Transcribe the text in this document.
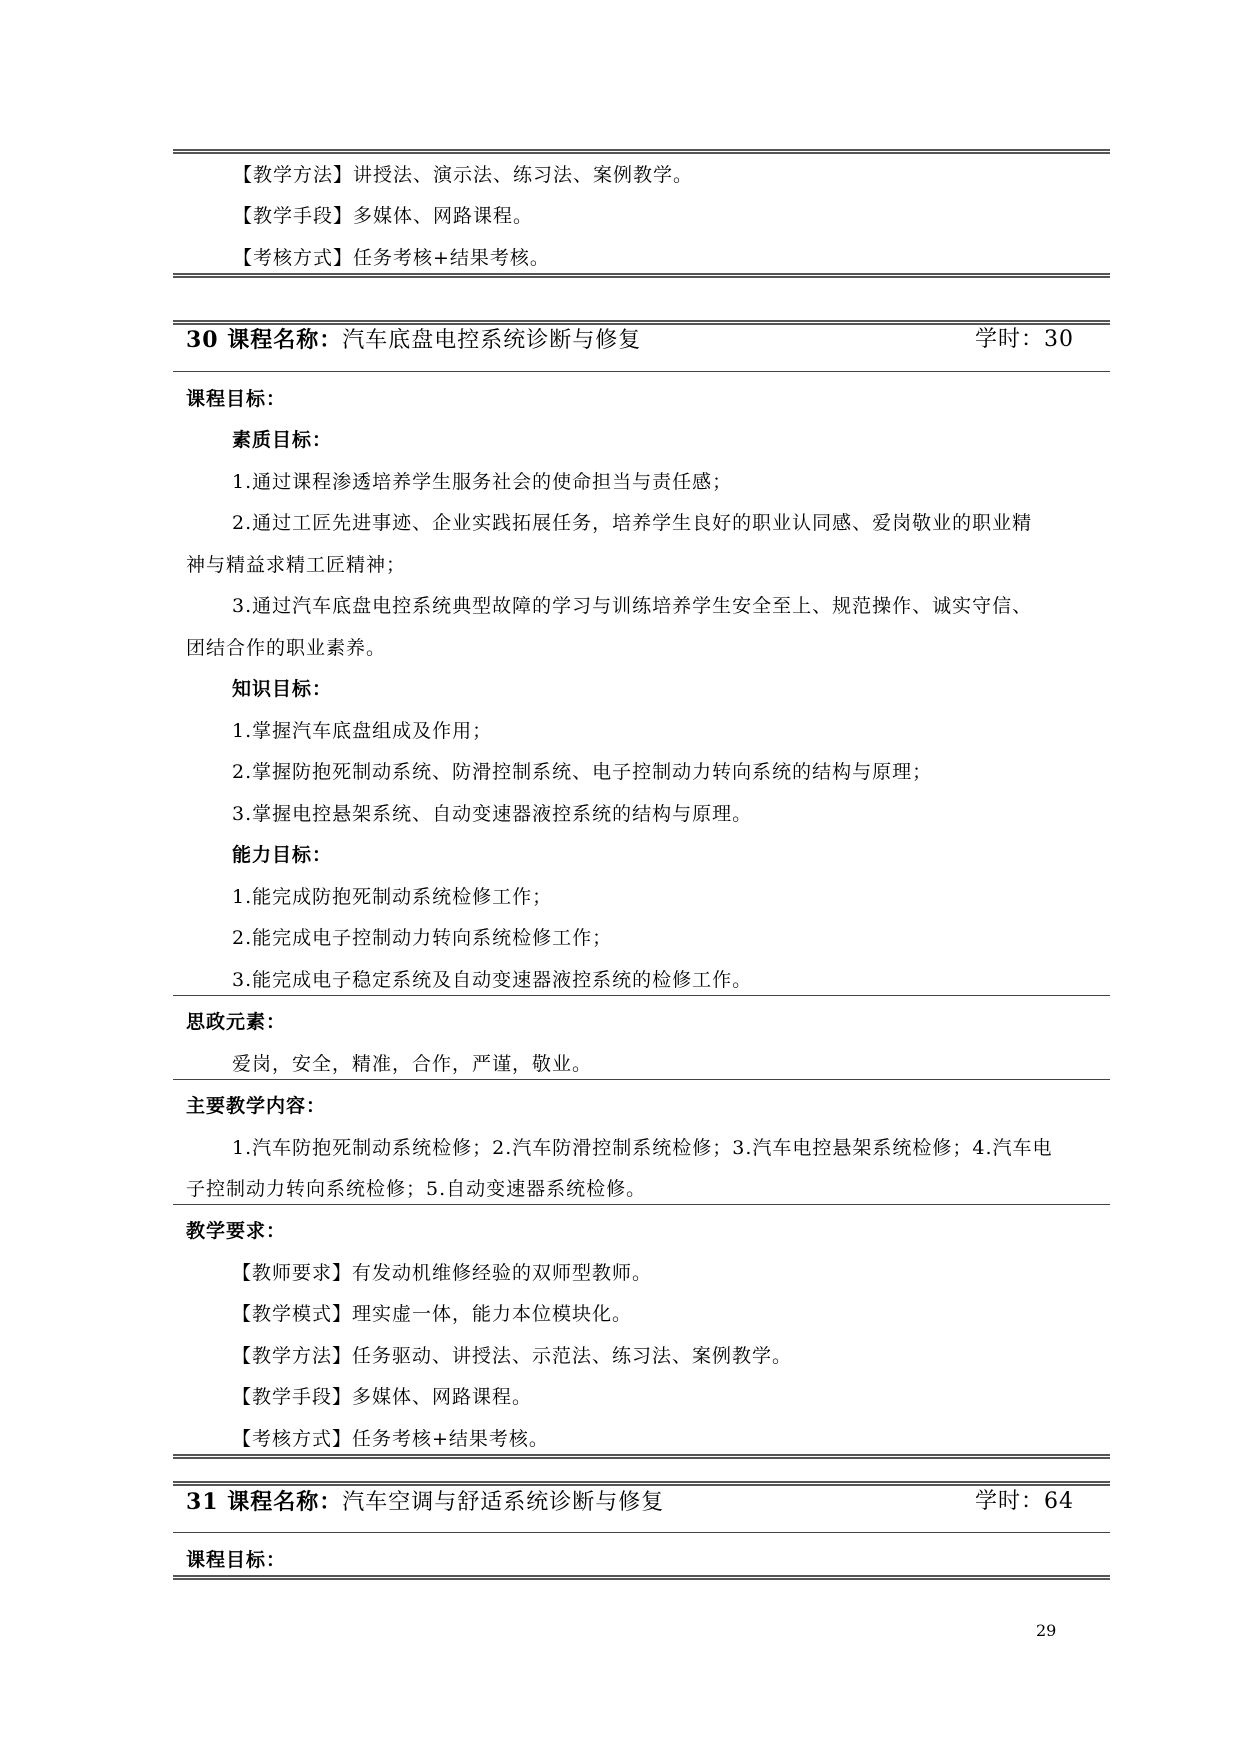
【教学方法】讲授法、演示法、练习法、案例教学。
【教学手段】多媒体、网路课程。
【考核方式】任务考核+结果考核。
30 课程名称：汽车底盘电控系统诊断与修复	学时：30
课程目标：
素质目标：
1.通过课程渗透培养学生服务社会的使命担当与责任感；
2.通过工匠先进事迹、企业实践拓展任务，培养学生良好的职业认同感、爱岗敬业的职业精
神与精益求精工匠精神；
3.通过汽车底盘电控系统典型故障的学习与训练培养学生安全至上、规范操作、诚实守信、
团结合作的职业素养。
知识目标：
1.掌握汽车底盘组成及作用；
2.掌握防抱死制动系统、防滑控制系统、电子控制动力转向系统的结构与原理；
3.掌握电控悬架系统、自动变速器液控系统的结构与原理。
能力目标：
1.能完成防抱死制动系统检修工作；
2.能完成电子控制动力转向系统检修工作；
3.能完成电子稳定系统及自动变速器液控系统的检修工作。
思政元素：
爱岗，安全，精准，合作，严谨，敬业。
主要教学内容：
1.汽车防抱死制动系统检修；2.汽车防滑控制系统检修；3.汽车电控悬架系统检修；4.汽车电
子控制动力转向系统检修；5.自动变速器系统检修。
教学要求：
【教师要求】有发动机维修经验的双师型教师。
【教学模式】理实虚一体，能力本位模块化。
【教学方法】任务驱动、讲授法、示范法、练习法、案例教学。
【教学手段】多媒体、网路课程。
【考核方式】任务考核+结果考核。
31 课程名称：汽车空调与舒适系统诊断与修复	学时：64
课程目标：
29
